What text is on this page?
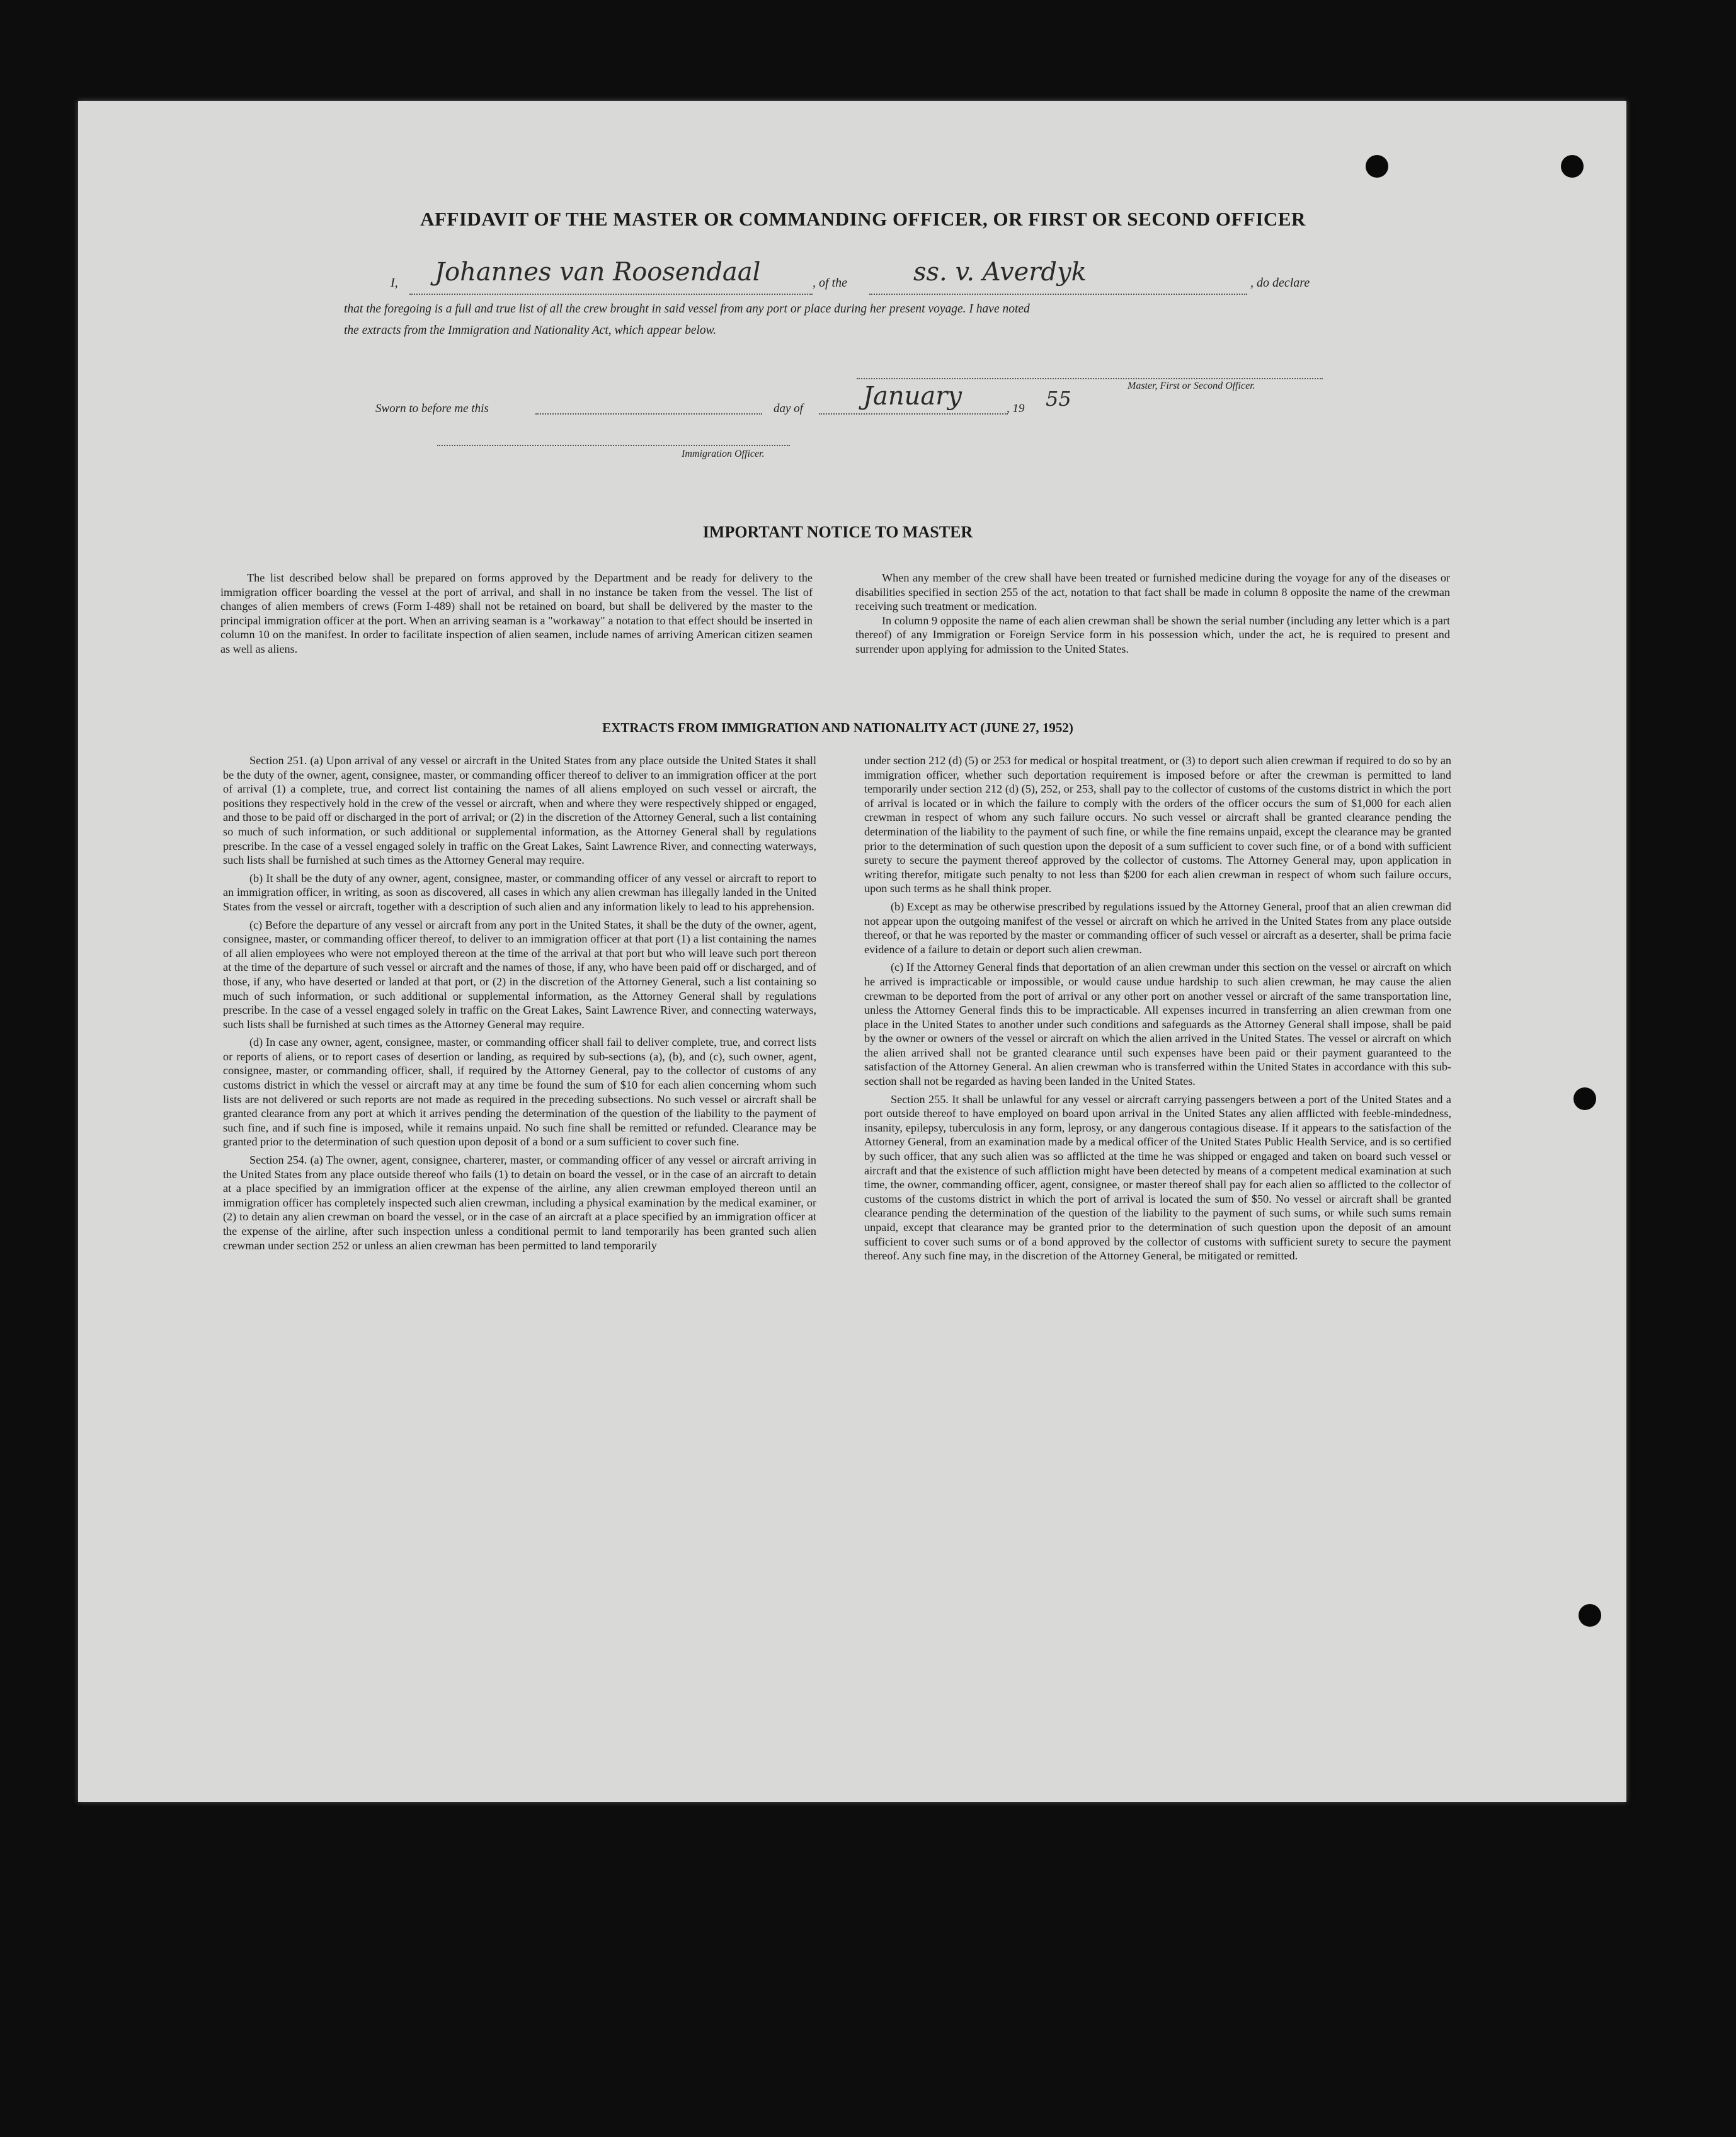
AFFIDAVIT OF THE MASTER OR COMMANDING OFFICER, OR FIRST OR SECOND OFFICER
I, Johannes van Roosendaal	, of the	ss. v. Averdyk	, do declare
that the foregoing is a full and true list of all the crew brought in said vessel from any port or place during her present voyage. I have noted
the extracts from the Immigration and Nationality Act, which appear below.
Master, First or Second Officer.
Sworn to before me this	day of January	, 19 55
Immigration Officer.
IMPORTANT NOTICE TO MASTER

The list described below shall be prepared on forms approved by the Department and be ready for delivery to the immigration officer boarding the vessel at the port of arrival, and shall in no instance be taken from the vessel. The list of changes of alien members of crews (Form I-489) shall not be retained on board, but shall be delivered by the master to the principal immigration officer at the port. When an arriving seaman is a "workaway" a notation to that effect should be inserted in column 10 on the manifest. In order to facilitate inspection of alien seamen, include names of arriving American citizen seamen as well as aliens.

When any member of the crew shall have been treated or furnished medicine during the voyage for any of the diseases or disabilities specified in section 255 of the act, notation to that fact shall be made in column 8 opposite the name of the crewman receiving such treatment or medication.

In column 9 opposite the name of each alien crewman shall be shown the serial number (including any letter which is a part thereof) of any Immigration or Foreign Service form in his possession which, under the act, he is required to present and surrender upon applying for admission to the United States.

EXTRACTS FROM IMMIGRATION AND NATIONALITY ACT (JUNE 27, 1952)

Section 251. (a) Upon arrival of any vessel or aircraft in the United States from any place outside the United States it shall be the duty of the owner, agent, consignee, master, or commanding officer thereof to deliver to an immigration officer at the port of arrival (1) a complete, true, and correct list containing the names of all aliens employed on such vessel or aircraft, the positions they respectively hold in the crew of the vessel or aircraft, when and where they were respectively shipped or engaged, and those to be paid off or discharged in the port of arrival; or (2) in the discretion of the Attorney General, such a list containing so much of such information, or such additional or supplemental information, as the Attorney General shall by regulations prescribe. In the case of a vessel engaged solely in traffic on the Great Lakes, Saint Lawrence River, and connecting waterways, such lists shall be furnished at such times as the Attorney General may require.

(b) It shall be the duty of any owner, agent, consignee, master, or commanding officer of any vessel or aircraft to report to an immigration officer, in writing, as soon as discovered, all cases in which any alien crewman has illegally landed in the United States from the vessel or aircraft, together with a description of such alien and any information likely to lead to his apprehension.

(c) Before the departure of any vessel or aircraft from any port in the United States, it shall be the duty of the owner, agent, consignee, master, or commanding officer thereof, to deliver to an immigration officer at that port (1) a list containing the names of all alien employees who were not employed thereon at the time of the arrival at that port but who will leave such port thereon at the time of the departure of such vessel or aircraft and the names of those, if any, who have been paid off or discharged, and of those, if any, who have deserted or landed at that port, or (2) in the discretion of the Attorney General, such a list containing so much of such information, or such additional or supplemental information, as the Attorney General shall by regulations prescribe. In the case of a vessel engaged solely in traffic on the Great Lakes, Saint Lawrence River, and connecting waterways, such lists shall be furnished at such times as the Attorney General may require.

(d) In case any owner, agent, consignee, master, or commanding officer shall fail to deliver complete, true, and correct lists or reports of aliens, or to report cases of desertion or landing, as required by sub-sections (a), (b), and (c), such owner, agent, consignee, master, or commanding officer, shall, if required by the Attorney General, pay to the collector of customs of any customs district in which the vessel or aircraft may at any time be found the sum of $10 for each alien concerning whom such lists are not delivered or such reports are not made as required in the preceding subsections. No such vessel or aircraft shall be granted clearance from any port at which it arrives pending the determination of the question of the liability to the payment of such fine, and if such fine is imposed, while it remains unpaid. No such fine shall be remitted or refunded. Clearance may be granted prior to the determination of such question upon deposit of a bond or a sum sufficient to cover such fine.

Section 254. (a) The owner, agent, consignee, charterer, master, or commanding officer of any vessel or aircraft arriving in the United States from any place outside thereof who fails (1) to detain on board the vessel, or in the case of an aircraft to detain at a place specified by an immigration officer at the expense of the airline, any alien crewman employed thereon until an immigration officer has completely inspected such alien crewman, including a physical examination by the medical examiner, or (2) to detain any alien crewman on board the vessel, or in the case of an aircraft at a place specified by an immigration officer at the expense of the airline, after such inspection unless a conditional permit to land temporarily has been granted such alien crewman under section 252 or unless an alien crewman has been permitted to land temporarily

under section 212 (d) (5) or 253 for medical or hospital treatment, or (3) to deport such alien crewman if required to do so by an immigration officer, whether such deportation requirement is imposed before or after the crewman is permitted to land temporarily under section 212 (d) (5), 252, or 253, shall pay to the collector of customs of the customs district in which the port of arrival is located or in which the failure to comply with the orders of the officer occurs the sum of $1,000 for each alien crewman in respect of whom any such failure occurs. No such vessel or aircraft shall be granted clearance pending the determination of the liability to the payment of such fine, or while the fine remains unpaid, except the clearance may be granted prior to the determination of such question upon the deposit of a sum sufficient to cover such fine, or of a bond with sufficient surety to secure the payment thereof approved by the collector of customs. The Attorney General may, upon application in writing therefor, mitigate such penalty to not less than $200 for each alien crewman in respect of whom such failure occurs, upon such terms as he shall think proper.

(b) Except as may be otherwise prescribed by regulations issued by the Attorney General, proof that an alien crewman did not appear upon the outgoing manifest of the vessel or aircraft on which he arrived in the United States from any place outside thereof, or that he was reported by the master or commanding officer of such vessel or aircraft as a deserter, shall be prima facie evidence of a failure to detain or deport such alien crewman.

(c) If the Attorney General finds that deportation of an alien crewman under this section on the vessel or aircraft on which he arrived is impracticable or impossible, or would cause undue hardship to such alien crewman, he may cause the alien crewman to be deported from the port of arrival or any other port on another vessel or aircraft of the same transportation line, unless the Attorney General finds this to be impracticable. All expenses incurred in transferring an alien crewman from one place in the United States to another under such conditions and safeguards as the Attorney General shall impose, shall be paid by the owner or owners of the vessel or aircraft on which the alien arrived in the United States. The vessel or aircraft on which the alien arrived shall not be granted clearance until such expenses have been paid or their payment guaranteed to the satisfaction of the Attorney General. An alien crewman who is transferred within the United States in accordance with this sub-section shall not be regarded as having been landed in the United States.

Section 255. It shall be unlawful for any vessel or aircraft carrying passengers between a port of the United States and a port outside thereof to have employed on board upon arrival in the United States any alien afflicted with feeble-mindedness, insanity, epilepsy, tuberculosis in any form, leprosy, or any dangerous contagious disease. If it appears to the satisfaction of the Attorney General, from an examination made by a medical officer of the United States Public Health Service, and is so certified by such officer, that any such alien was so afflicted at the time he was shipped or engaged and taken on board such vessel or aircraft and that the existence of such affliction might have been detected by means of a competent medical examination at such time, the owner, commanding officer, agent, consignee, or master thereof shall pay for each alien so afflicted to the collector of customs of the customs district in which the port of arrival is located the sum of $50. No vessel or aircraft shall be granted clearance pending the determination of the question of the liability to the payment of such sums, or while such sums remain unpaid, except that clearance may be granted prior to the determination of such question upon the deposit of an amount sufficient to cover such sums or of a bond approved by the collector of customs with sufficient surety to secure the payment thereof. Any such fine may, in the discretion of the Attorney General, be mitigated or remitted.
